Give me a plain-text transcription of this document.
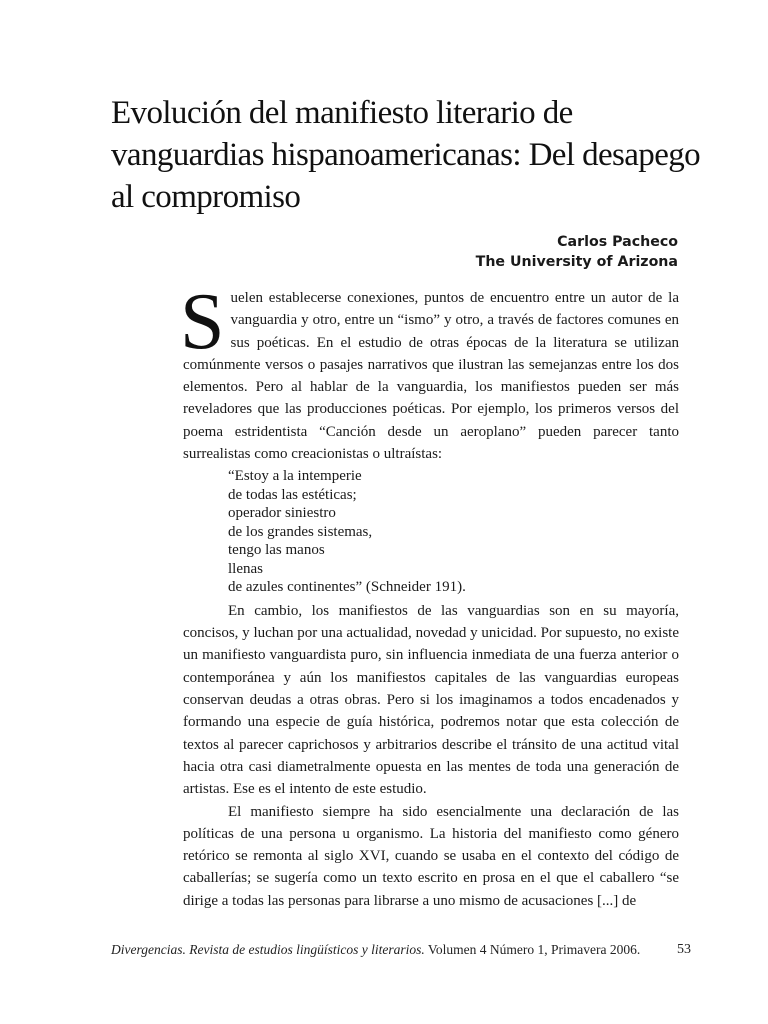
Evolución del manifiesto literario de vanguardias hispanoamericanas: Del desapego al compromiso
Carlos Pacheco
The University of Arizona

Suelen establecerse conexiones, puntos de encuentro entre un autor de la vanguardia y otro, entre un “ismo” y otro, a través de factores comunes en sus poéticas. En el estudio de otras épocas de la literatura se utilizan comúnmente versos o pasajes narrativos que ilustran las semejanzas entre los dos elementos. Pero al hablar de la vanguardia, los manifiestos pueden ser más reveladores que las producciones poéticas. Por ejemplo, los primeros versos del poema estridentista “Canción desde un aeroplano” pueden parecer tanto surrealistas como creacionistas o ultraístas:

“Estoy a la intemperie
de todas las estéticas;
operador siniestro
de los grandes sistemas,
tengo las manos
llenas
de azules continentes” (Schneider 191).

En cambio, los manifiestos de las vanguardias son en su mayoría, concisos, y luchan por una actualidad, novedad y unicidad. Por supuesto, no existe un manifiesto vanguardista puro, sin influencia inmediata de una fuerza anterior o contemporánea y aún los manifiestos capitales de las vanguardias europeas conservan deudas a otras obras. Pero si los imaginamos a todos encadenados y formando una especie de guía histórica, podremos notar que esta colección de textos al parecer caprichosos y arbitrarios describe el tránsito de una actitud vital hacia otra casi diametralmente opuesta en las mentes de toda una generación de artistas. Ese es el intento de este estudio.

El manifiesto siempre ha sido esencialmente una declaración de las políticas de una persona u organismo. La historia del manifiesto como género retórico se remonta al siglo XVI, cuando se usaba en el contexto del código de caballerías; se sugería como un texto escrito en prosa en el que el caballero “se dirige a todas las personas para librarse a uno mismo de acusaciones [...] de

Divergencias. Revista de estudios lingüísticos y literarios. Volumen 4 Número 1, Primavera 2006.	53
